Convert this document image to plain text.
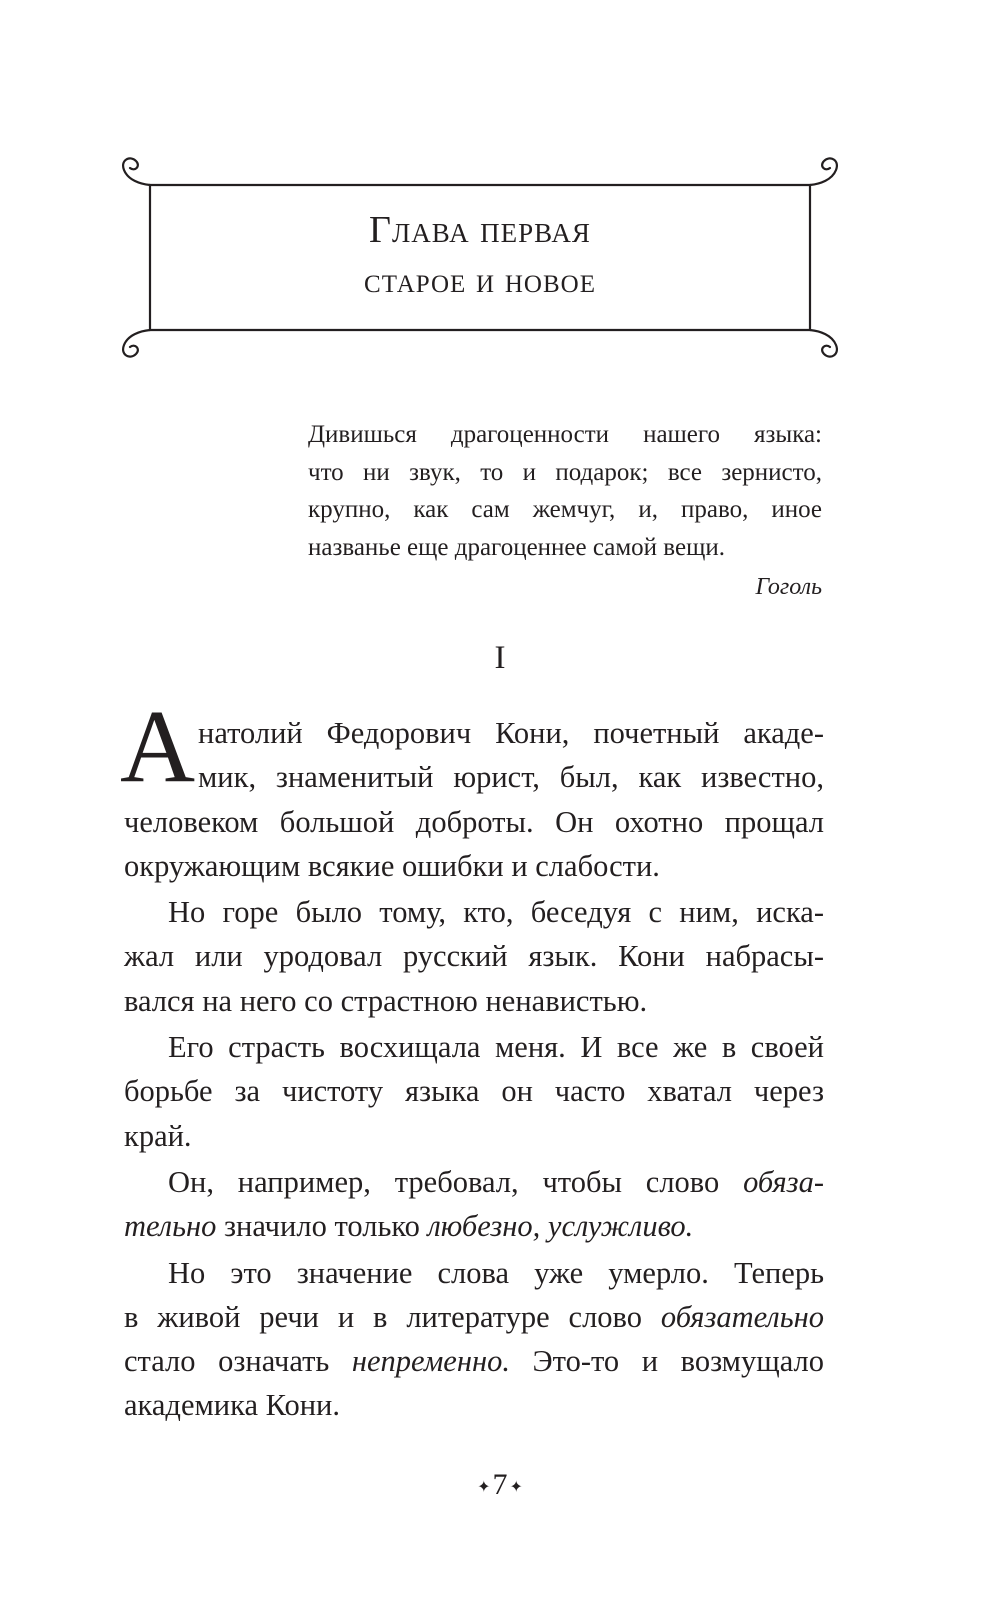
Глава первая
старое и новое
Дивишься драгоценности нашего языка:
что ни звук, то и подарок; все зернисто,
крупно, как сам жемчуг, и, право, иное
названье еще драгоценнее самой вещи.
Гоголь
I
А натолий Федорович Кони, почетный акаде-
мик, знаменитый юрист, был, как известно,
человеком большой доброты. Он охотно прощал
окружающим всякие ошибки и слабости.
Но горе было тому, кто, беседуя с ним, иска-
жал или уродовал русский язык. Кони набрасы-
вался на него со страстною ненавистью.
Его страсть восхищала меня. И все же в своей
борьбе за чистоту языка он часто хватал через
край.
Он, например, требовал, чтобы слово обяза-
тельно значило только любезно, услужливо.
Но это значение слова уже умерло. Теперь
в живой речи и в литературе слово обязательно
стало означать непременно. Это-то и возмущало
академика Кони.
✦7 ✦
